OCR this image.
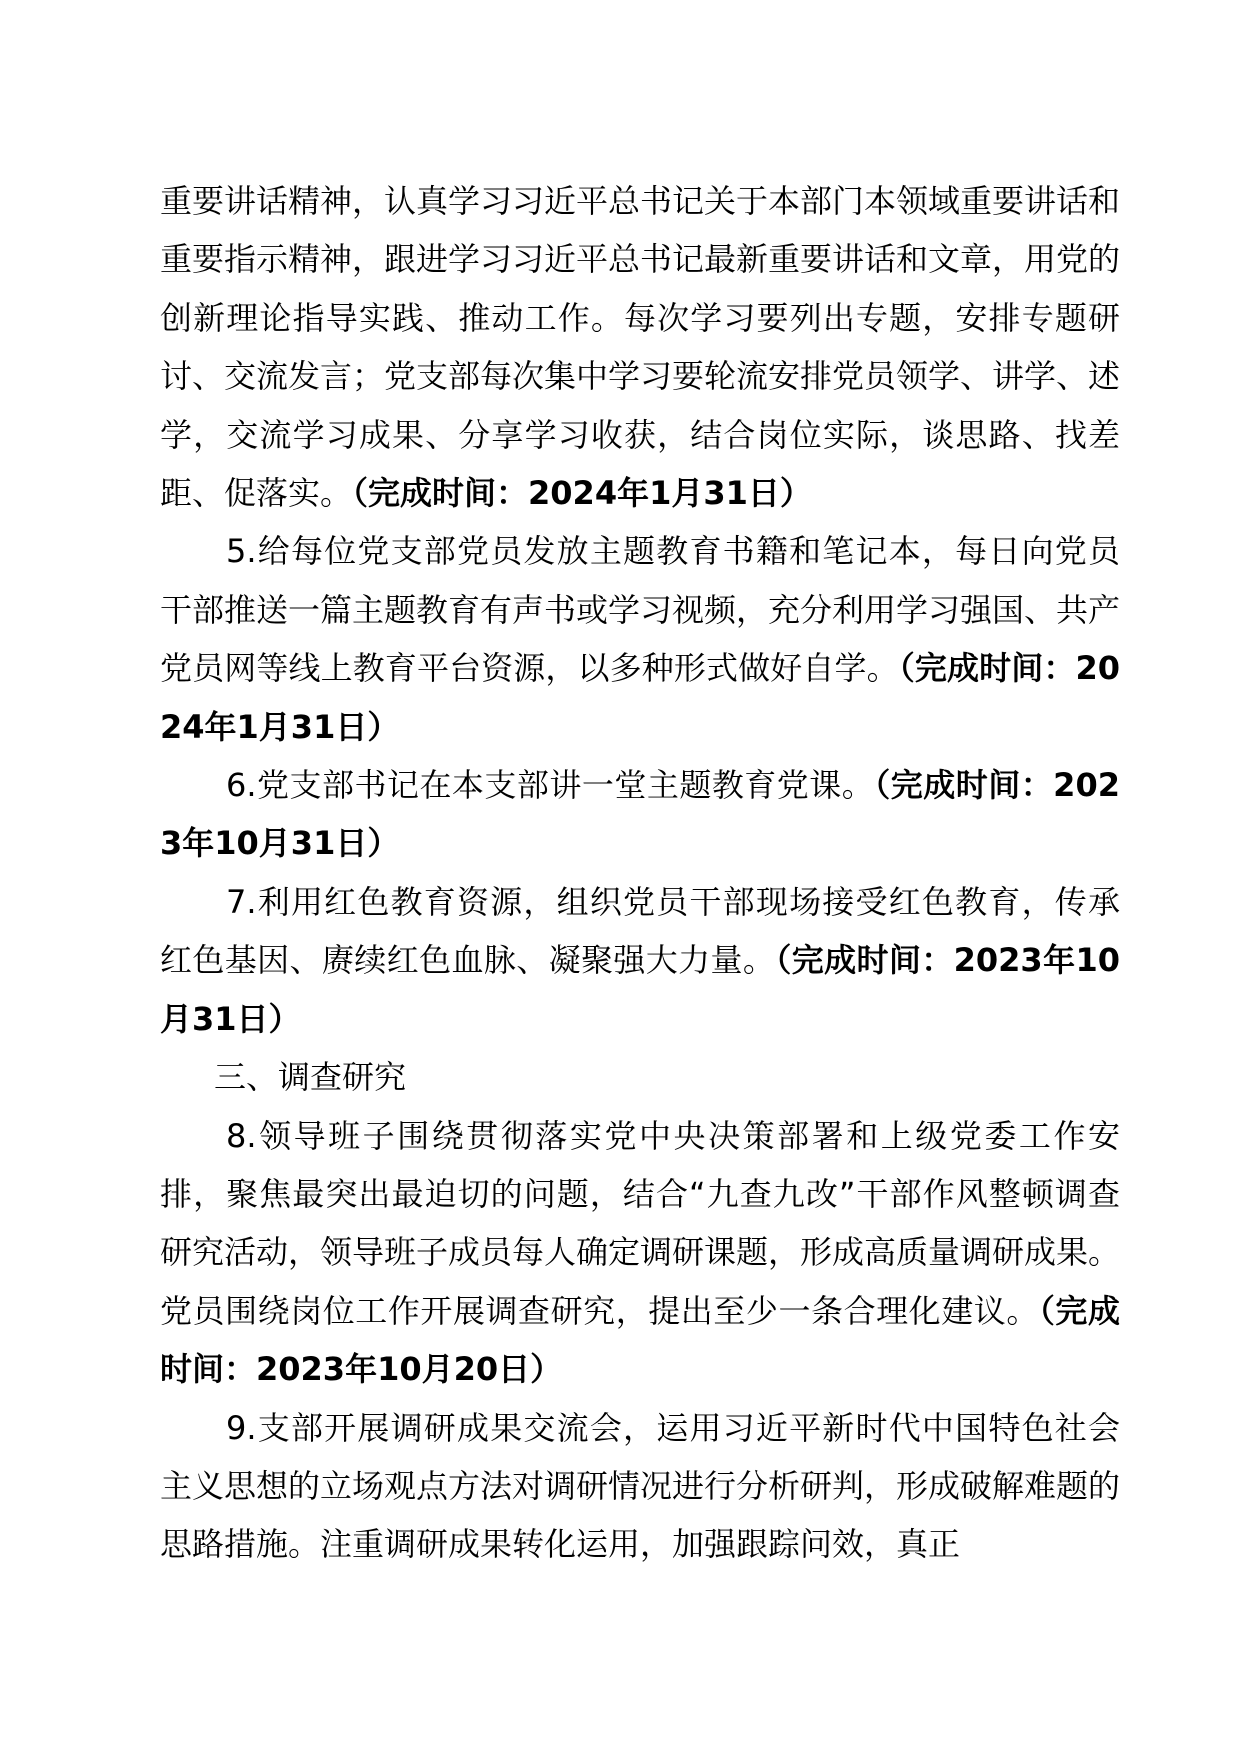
重要讲话精神，认真学习习近平总书记关于本部门本领域重要讲话和重要指示精神，跟进学习习近平总书记最新重要讲话和文章，用党的创新理论指导实践、推动工作。每次学习要列出专题，安排专题研讨、交流发言；党支部每次集中学习要轮流安排党员领学、讲学、述学，交流学习成果、分享学习收获，结合岗位实际，谈思路、找差距、促落实。（完成时间：2024年1月31日）

5.给每位党支部党员发放主题教育书籍和笔记本，每日向党员干部推送一篇主题教育有声书或学习视频，充分利用学习强国、共产党员网等线上教育平台资源，以多种形式做好自学。（完成时间：2024年1月31日）

6.党支部书记在本支部讲一堂主题教育党课。（完成时间：2023年10月31日）

7.利用红色教育资源，组织党员干部现场接受红色教育，传承红色基因、赓续红色血脉、凝聚强大力量。（完成时间：2023年10月31日）

三、调查研究

8.领导班子围绕贯彻落实党中央决策部署和上级党委工作安排，聚焦最突出最迫切的问题，结合“九查九改”干部作风整顿调查研究活动，领导班子成员每人确定调研课题，形成高质量调研成果。党员围绕岗位工作开展调查研究，提出至少一条合理化建议。（完成时间：2023年10月20日）

9.支部开展调研成果交流会，运用习近平新时代中国特色社会主义思想的立场观点方法对调研情况进行分析研判，形成破解难题的思路措施。注重调研成果转化运用，加强跟踪问效，真正
